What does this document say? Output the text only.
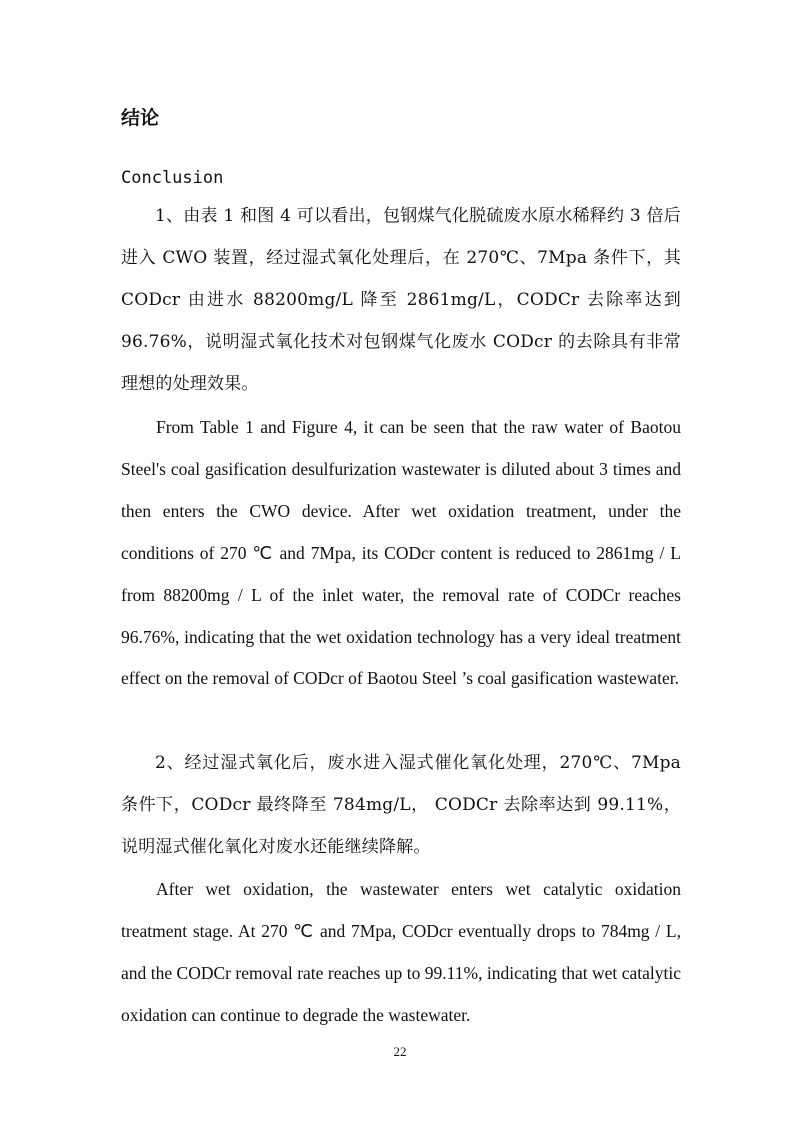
结论
Conclusion

1、由表 1 和图 4 可以看出，包钢煤气化脱硫废水原水稀释约 3 倍后进入 CWO 装置，经过湿式氧化处理后，在 270℃、7Mpa 条件下，其 CODcr 由进水 88200mg/L 降至 2861mg/L，CODCr 去除率达到 96.76%，说明湿式氧化技术对包钢煤气化废水 CODcr 的去除具有非常理想的处理效果。

From Table 1 and Figure 4, it can be seen that the raw water of Baotou Steel's coal gasification desulfurization wastewater is diluted about 3 times and then enters the CWO device. After wet oxidation treatment, under the conditions of 270 ℃ and 7Mpa, its CODcr content is reduced to 2861mg / L from 88200mg / L of the inlet water, the removal rate of CODCr reaches 96.76%, indicating that the wet oxidation technology has a very ideal treatment effect on the removal of CODcr of Baotou Steel ’s coal gasification wastewater.

2、经过湿式氧化后，废水进入湿式催化氧化处理，270℃、7Mpa 条件下，CODcr 最终降至 784mg/L， CODCr 去除率达到 99.11%，说明湿式催化氧化对废水还能继续降解。

After wet oxidation, the wastewater enters wet catalytic oxidation treatment stage. At 270 ℃ and 7Mpa, CODcr eventually drops to 784mg / L, and the CODCr removal rate reaches up to 99.11%, indicating that wet catalytic oxidation can continue to degrade the wastewater.

22
